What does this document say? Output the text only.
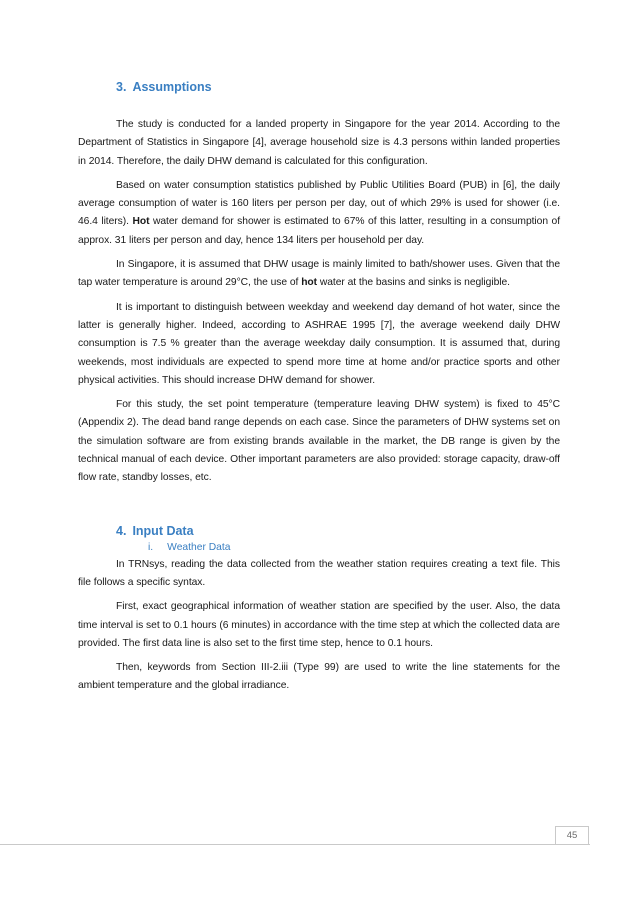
3. Assumptions

The study is conducted for a landed property in Singapore for the year 2014. According to the Department of Statistics in Singapore [4], average household size is 4.3 persons within landed properties in 2014. Therefore, the daily DHW demand is calculated for this configuration.

Based on water consumption statistics published by Public Utilities Board (PUB) in [6], the daily average consumption of water is 160 liters per person per day, out of which 29% is used for shower (i.e. 46.4 liters). Hot water demand for shower is estimated to 67% of this latter, resulting in a consumption of approx. 31 liters per person and day, hence 134 liters per household per day.

In Singapore, it is assumed that DHW usage is mainly limited to bath/shower uses. Given that the tap water temperature is around 29°C, the use of hot water at the basins and sinks is negligible.

It is important to distinguish between weekday and weekend day demand of hot water, since the latter is generally higher. Indeed, according to ASHRAE 1995 [7], the average weekend daily DHW consumption is 7.5 % greater than the average weekday daily consumption. It is assumed that, during weekends, most individuals are expected to spend more time at home and/or practice sports and other physical activities. This should increase DHW demand for shower.

For this study, the set point temperature (temperature leaving DHW system) is fixed to 45°C (Appendix 2). The dead band range depends on each case. Since the parameters of DHW systems set on the simulation software are from existing brands available in the market, the DB range is given by the technical manual of each device. Other important parameters are also provided: storage capacity, draw-off flow rate, standby losses, etc.

4. Input Data
i. Weather Data

In TRNsys, reading the data collected from the weather station requires creating a text file. This file follows a specific syntax.

First, exact geographical information of weather station are specified by the user. Also, the data time interval is set to 0.1 hours (6 minutes) in accordance with the time step at which the collected data are provided. The first data line is also set to the first time step, hence to 0.1 hours.

Then, keywords from Section III-2.iii (Type 99) are used to write the line statements for the ambient temperature and the global irradiance.

45
